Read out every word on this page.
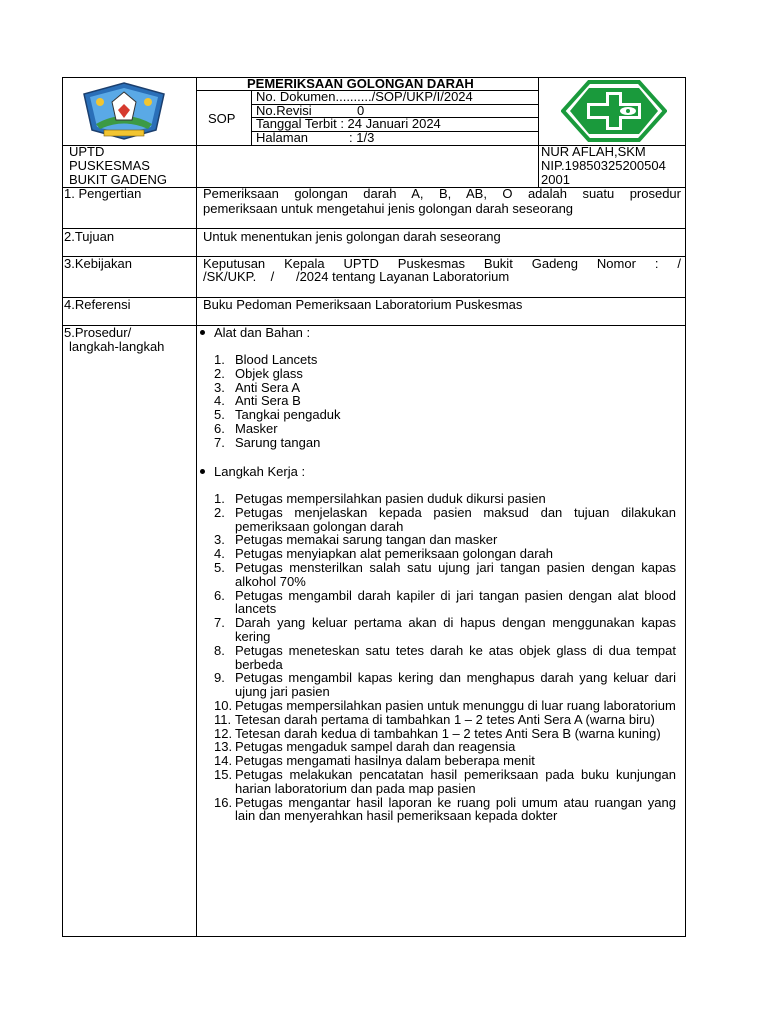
PEMERIKSAAN GOLONGAN DARAH
SOP
No. Dokumen........../SOP/UKP/I/2024
No.Revisi	0
Tanggal Terbit : 24 Januari 2024
Halaman	: 1/3
UPTD
PUSKESMAS
BUKIT GADENG
NUR AFLAH,SKM
NIP.19850325200504
2001
1. Pengertian	Pemeriksaan golongan darah A, B, AB, O adalah suatu prosedur
pemeriksaan untuk mengetahui jenis golongan darah seseorang
2.Tujuan	Untuk menentukan jenis golongan darah seseorang
3.Kebijakan	Keputusan Kepala UPTD Puskesmas Bukit Gadeng Nomor : /
/SK/UKP.    /      /2024 tentang Layanan Laboratorium
4.Referensi	Buku Pedoman Pemeriksaan Laboratorium Puskesmas
5.Prosedur/
langkah-langkah
Alat dan Bahan :
1. Blood Lancets
2. Objek glass
3. Anti Sera A
4. Anti Sera B
5. Tangkai pengaduk
6. Masker
7. Sarung tangan
Langkah Kerja :
1. Petugas mempersilahkan pasien duduk dikursi pasien
2. Petugas menjelaskan kepada pasien maksud dan tujuan dilakukan pemeriksaan golongan darah
3. Petugas memakai sarung tangan dan masker
4. Petugas menyiapkan alat pemeriksaan golongan darah
5. Petugas mensterilkan salah satu ujung jari tangan pasien dengan kapas alkohol 70%
6. Petugas mengambil darah kapiler di jari tangan pasien dengan alat blood lancets
7. Darah yang keluar pertama akan di hapus dengan menggunakan kapas kering
8. Petugas meneteskan satu tetes darah ke atas objek glass di dua tempat berbeda
9. Petugas mengambil kapas kering dan menghapus darah yang keluar dari ujung jari pasien
10. Petugas mempersilahkan pasien untuk menunggu di luar ruang laboratorium
11. Tetesan darah pertama di tambahkan 1 – 2 tetes Anti Sera A (warna biru)
12. Tetesan darah kedua di tambahkan 1 – 2 tetes Anti Sera B (warna kuning)
13. Petugas mengaduk sampel darah dan reagensia
14. Petugas mengamati hasilnya dalam beberapa menit
15. Petugas melakukan pencatatan hasil pemeriksaan pada buku kunjungan harian laboratorium dan pada map pasien
16. Petugas mengantar hasil laporan ke ruang poli umum atau ruangan yang lain dan menyerahkan hasil pemeriksaan kepada dokter
